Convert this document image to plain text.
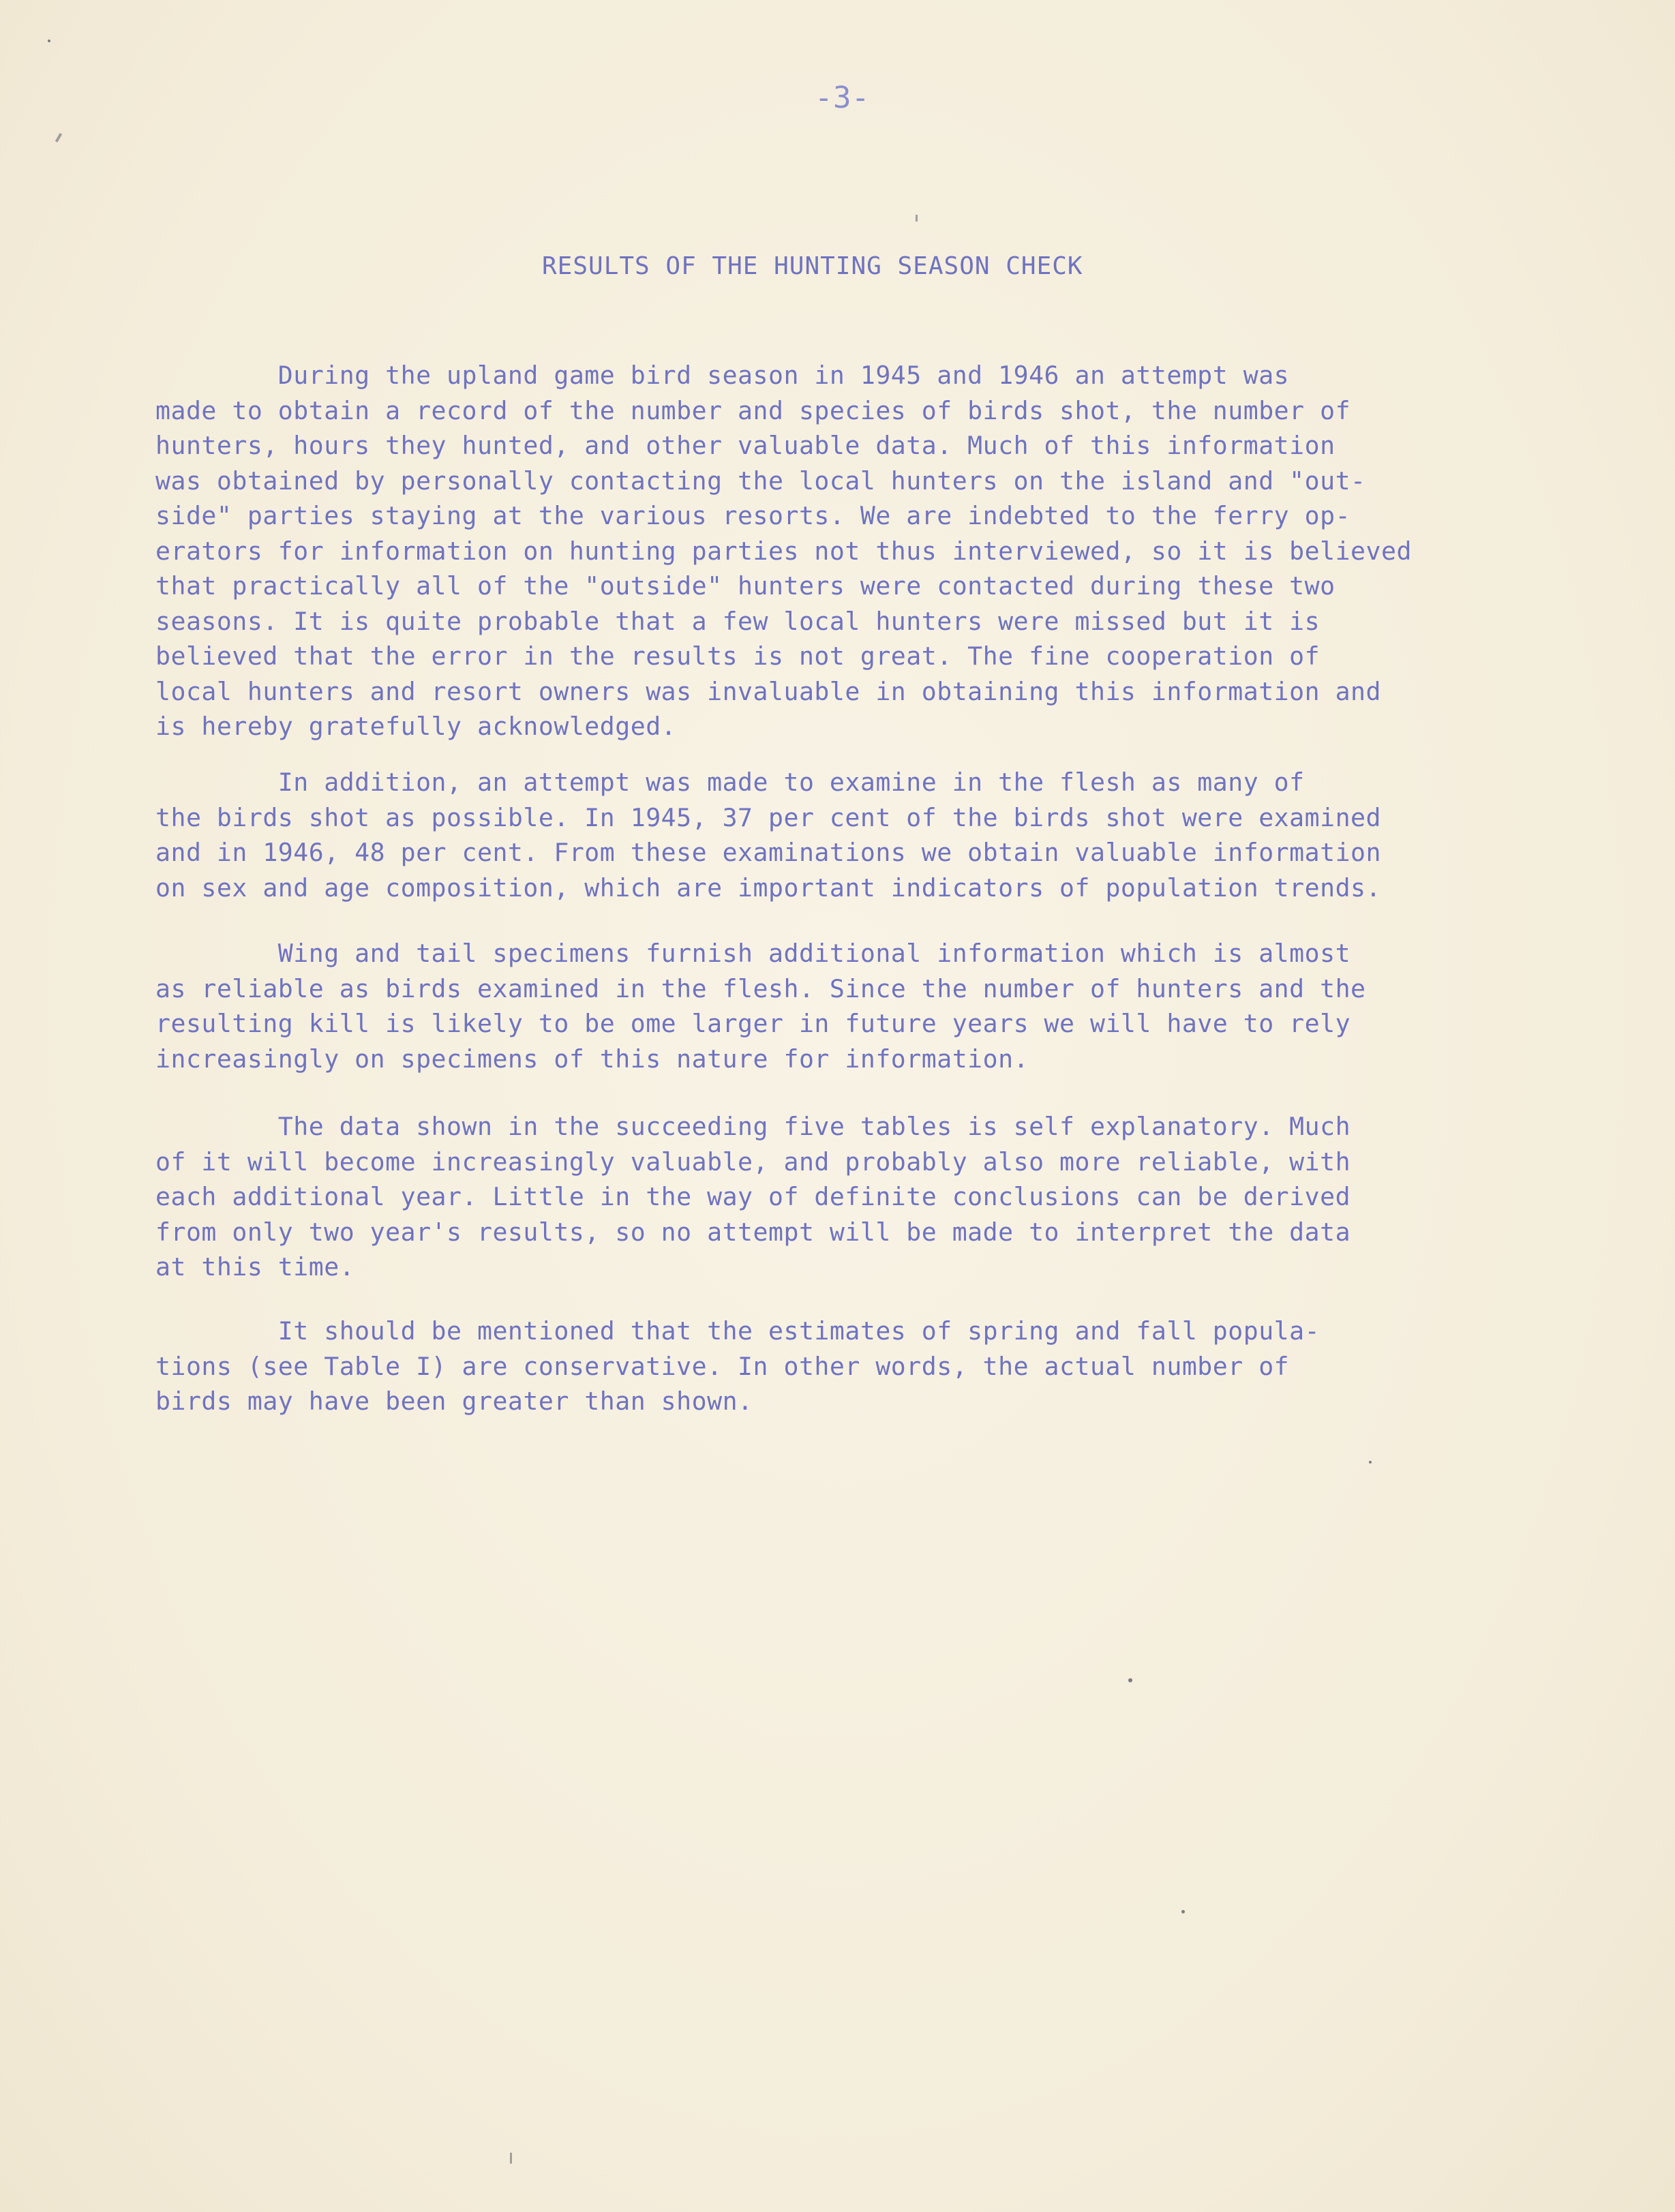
-3-
RESULTS OF THE HUNTING SEASON CHECK
During the upland game bird season in 1945 and 1946 an attempt was
made to obtain a record of the number and species of birds shot, the number of
hunters, hours they hunted, and other valuable data. Much of this information
was obtained by personally contacting the local hunters on the island and "out-
side" parties staying at the various resorts. We are indebted to the ferry op-
erators for information on hunting parties not thus interviewed, so it is believed
that practically all of the "outside" hunters were contacted during these two
seasons. It is quite probable that a few local hunters were missed but it is
believed that the error in the results is not great. The fine cooperation of
local hunters and resort owners was invaluable in obtaining this information and
is hereby gratefully acknowledged.
In addition, an attempt was made to examine in the flesh as many of
the birds shot as possible. In 1945, 37 per cent of the birds shot were examined
and in 1946, 48 per cent. From these examinations we obtain valuable information
on sex and age composition, which are important indicators of population trends.
Wing and tail specimens furnish additional information which is almost
as reliable as birds examined in the flesh. Since the number of hunters and the
resulting kill is likely to be ome larger in future years we will have to rely
increasingly on specimens of this nature for information.
The data shown in the succeeding five tables is self explanatory. Much
of it will become increasingly valuable, and probably also more reliable, with
each additional year. Little in the way of definite conclusions can be derived
from only two year's results, so no attempt will be made to interpret the data
at this time.
It should be mentioned that the estimates of spring and fall popula-
tions (see Table I) are conservative. In other words, the actual number of
birds may have been greater than shown.
